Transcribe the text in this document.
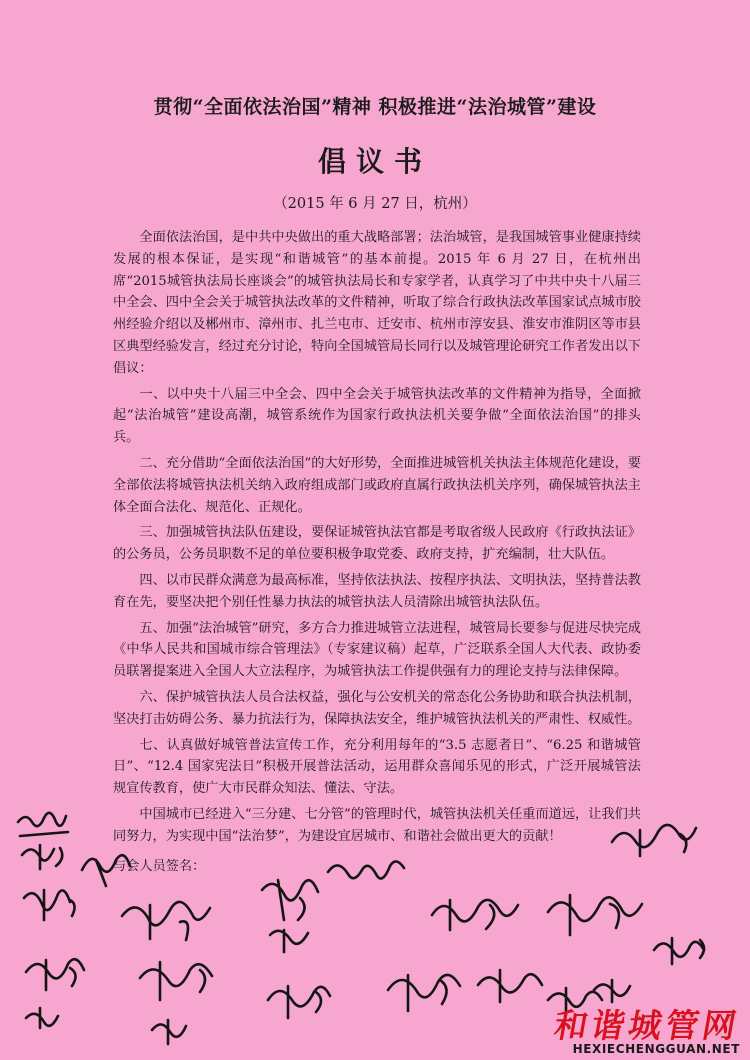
贯彻“全面依法治国”精神 积极推进“法治城管”建设
倡议书
（2015 年 6 月 27 日，杭州）

全面依法治国，是中共中央做出的重大战略部署；法治城管，是我国城管事业健康持续发展的根本保证，是实现“和谐城管”的基本前提。2015 年 6 月 27 日，在杭州出席“2015城管执法局长座谈会”的城管执法局长和专家学者，认真学习了中共中央十八届三中全会、四中全会关于城管执法改革的文件精神，听取了综合行政执法改革国家试点城市胶州经验介绍以及郴州市、漳州市、扎兰屯市、迁安市、杭州市淳安县、淮安市淮阴区等市县区典型经验发言，经过充分讨论，特向全国城管局长同行以及城管理论研究工作者发出以下倡议：

一、以中央十八届三中全会、四中全会关于城管执法改革的文件精神为指导，全面掀起“法治城管”建设高潮，城管系统作为国家行政执法机关要争做“全面依法治国”的排头兵。

二、充分借助“全面依法治国”的大好形势，全面推进城管机关执法主体规范化建设，要全部依法将城管执法机关纳入政府组成部门或政府直属行政执法机关序列，确保城管执法主体全面合法化、规范化、正规化。

三、加强城管执法队伍建设，要保证城管执法官都是考取省级人民政府《行政执法证》的公务员，公务员职数不足的单位要积极争取党委、政府支持，扩充编制，壮大队伍。

四、以市民群众满意为最高标准，坚持依法执法、按程序执法、文明执法，坚持普法教育在先，要坚决把个别任性暴力执法的城管执法人员清除出城管执法队伍。

五、加强“法治城管”研究，多方合力推进城管立法进程，城管局长要参与促进尽快完成《中华人民共和国城市综合管理法》（专家建议稿）起草，广泛联系全国人大代表、政协委员联署提案进入全国人大立法程序，为城管执法工作提供强有力的理论支持与法律保障。

六、保护城管执法人员合法权益，强化与公安机关的常态化公务协助和联合执法机制，坚决打击妨碍公务、暴力抗法行为，保障执法安全，维护城管执法机关的严肃性、权威性。

七、认真做好城管普法宣传工作，充分利用每年的“3.5 志愿者日”、“6.25 和谐城管日”、“12.4 国家宪法日”积极开展普法活动，运用群众喜闻乐见的形式，广泛开展城管法规宣传教育，使广大市民群众知法、懂法、守法。

中国城市已经进入“三分建、七分管”的管理时代，城管执法机关任重而道远，让我们共同努力，为实现中国“法治梦”，为建设宜居城市、和谐社会做出更大的贡献！

与会人员签名：
和谐城管网
HEXIECHENGGUAN.NET
